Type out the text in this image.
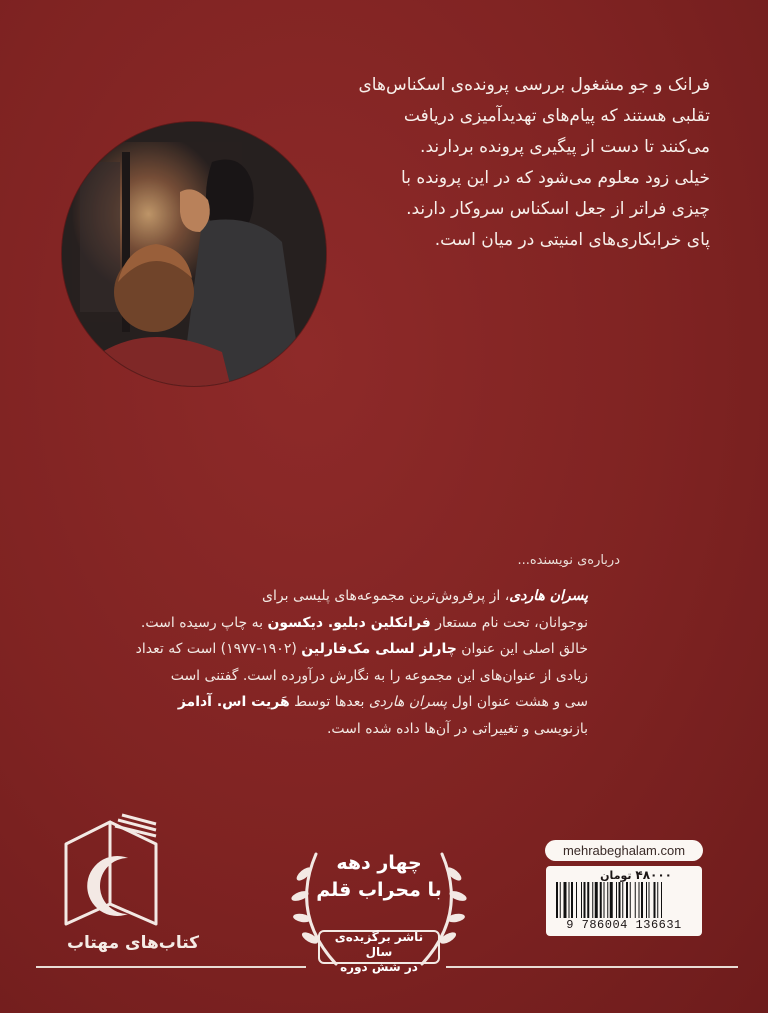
فرانک و جو مشغول بررسی پرونده‌ی اسکناس‌های
تقلبی هستند که پیام‌های تهدیدآمیزی دریافت
می‌کنند تا دست از پیگیری پرونده بردارند.
خیلی زود معلوم می‌شود که در این پرونده با
چیزی فراتر از جعل اسکناس سروکار دارند.
پای خرابکاری‌های امنیتی در میان است.
درباره‌ی نویسنده...
پسران هاردی، از پرفروش‌ترین مجموعه‌های پلیسی برای
نوجوانان، تحت نام مستعار فرانکلین دبلیو. دیکسون به چاپ رسیده است.
خالق اصلی این عنوان چارلز لسلی مک‌فارلین (۱۹۰۲-۱۹۷۷) است که تعداد
زیادی از عنوان‌های این مجموعه را به نگارش درآورده است. گفتنی است
سی و هشت عنوان اول پسران هاردی بعدها توسط هَریت اس. آدامز
بازنویسی و تغییراتی در آن‌ها داده شده است.
کتاب‌های مهتاب
چهار دهه
با محراب قلم
ناشر برگزیده‌ی سال
در شش دوره
mehrabeghalam.com
۴۸۰۰۰ تومان
9 786004 136631
